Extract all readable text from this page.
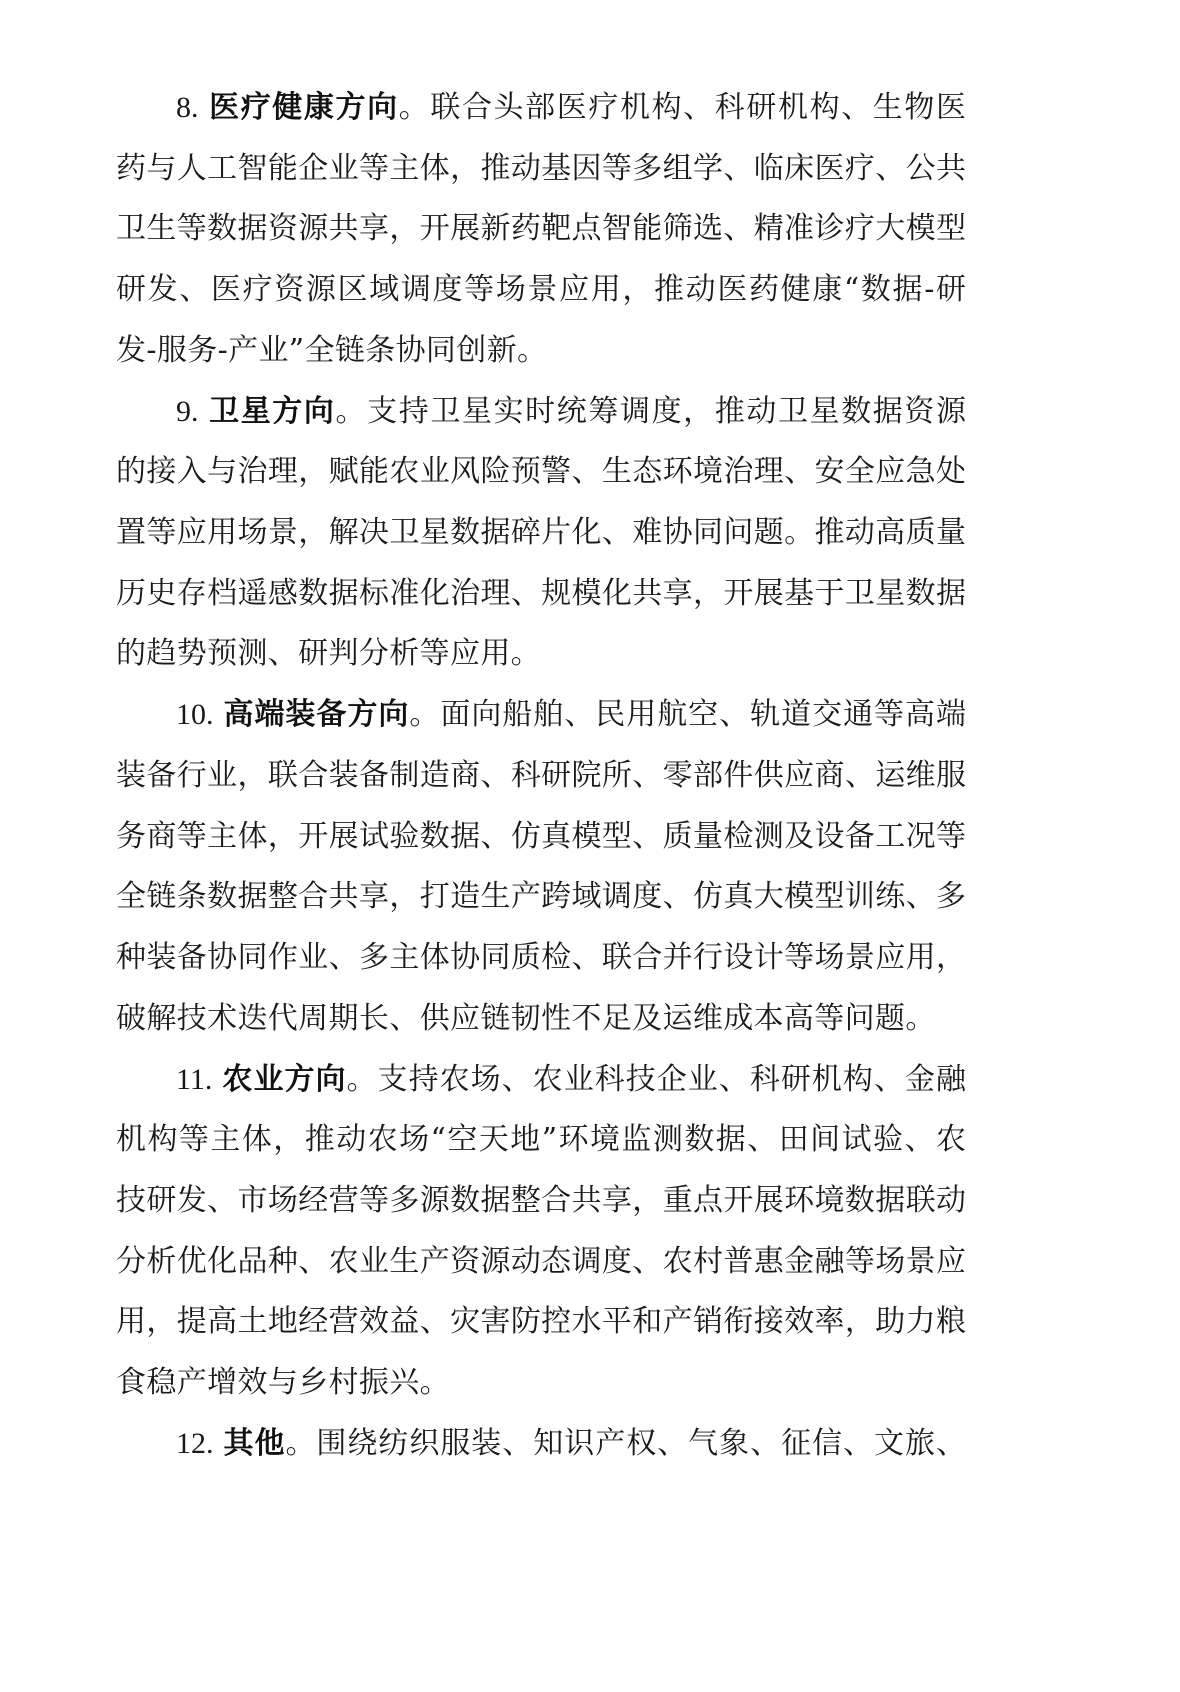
8. 医疗健康方向。联合头部医疗机构、科研机构、生物医
药与人工智能企业等主体，推动基因等多组学、临床医疗、公共
卫生等数据资源共享，开展新药靶点智能筛选、精准诊疗大模型
研发、医疗资源区域调度等场景应用，推动医药健康“数据-研
发-服务-产业”全链条协同创新。
9. 卫星方向。支持卫星实时统筹调度，推动卫星数据资源
的接入与治理，赋能农业风险预警、生态环境治理、安全应急处
置等应用场景，解决卫星数据碎片化、难协同问题。推动高质量
历史存档遥感数据标准化治理、规模化共享，开展基于卫星数据
的趋势预测、研判分析等应用。
10. 高端装备方向。面向船舶、民用航空、轨道交通等高端
装备行业，联合装备制造商、科研院所、零部件供应商、运维服
务商等主体，开展试验数据、仿真模型、质量检测及设备工况等
全链条数据整合共享，打造生产跨域调度、仿真大模型训练、多
种装备协同作业、多主体协同质检、联合并行设计等场景应用，
破解技术迭代周期长、供应链韧性不足及运维成本高等问题。
11. 农业方向。支持农场、农业科技企业、科研机构、金融
机构等主体，推动农场“空天地”环境监测数据、田间试验、农
技研发、市场经营等多源数据整合共享，重点开展环境数据联动
分析优化品种、农业生产资源动态调度、农村普惠金融等场景应
用，提高土地经营效益、灾害防控水平和产销衔接效率，助力粮
食稳产增效与乡村振兴。
12. 其他。围绕纺织服装、知识产权、气象、征信、文旅、
